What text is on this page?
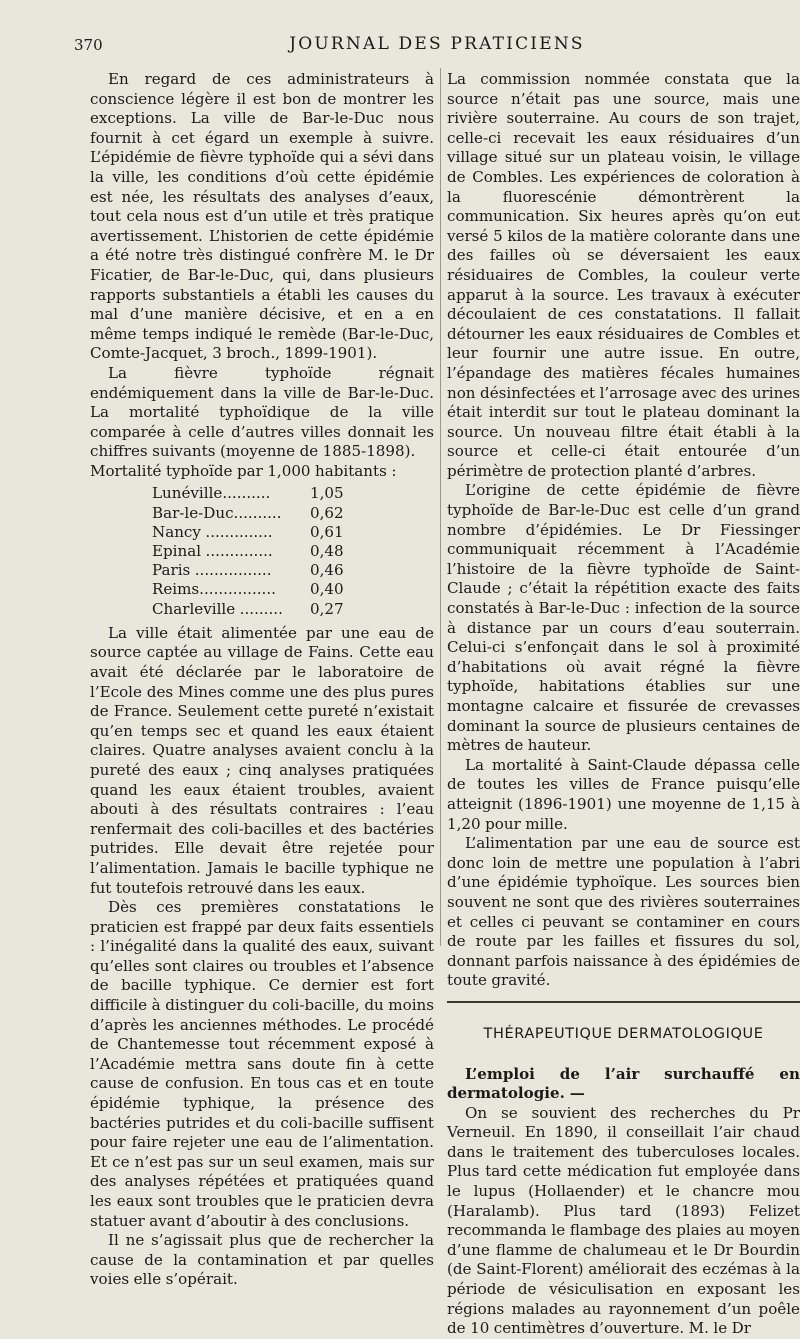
370	JOURNAL DES PRATICIENS

En regard de ces administrateurs à conscience légère il est bon de montrer les exceptions. La ville de Bar-le-Duc nous fournit à cet égard un exemple à suivre. L’épidémie de fièvre typhoïde qui a sévi dans la ville, les conditions d’où cette épidémie est née, les résultats des analyses d’eaux, tout cela nous est d’un utile et très pratique avertissement. L’historien de cette épidémie a été notre très distingué confrère M. le Dr Ficatier, de Bar-le-Duc, qui, dans plusieurs rapports substantiels a établi les causes du mal d’une manière décisive, et en a en même temps indiqué le remède (Bar-le-Duc, Comte-Jacquet, 3 broch., 1899-1901).

La fièvre typhoïde régnait endémiquement dans la ville de Bar-le-Duc. La mortalité typhoïdique de la ville comparée à celle d’autres villes donnait les chiffres suivants (moyenne de 1885-1898).

Mortalité typhoïde par 1,000 habitants :

Lunéville..........	1,05
Bar-le-Duc.......... 0,62
Nancy .............. 0,61
Epinal .............. 0,48
Paris ................	0,46
Reims................ 0,40
Charleville ......... 0,27

La ville était alimentée par une eau de source captée au village de Fains. Cette eau avait été déclarée par le laboratoire de l’Ecole des Mines comme une des plus pures de France. Seulement cette pureté n’existait qu’en temps sec et quand les eaux étaient claires. Quatre analyses avaient conclu à la pureté des eaux ; cinq analyses pratiquées quand les eaux étaient troubles, avaient abouti à des résultats contraires : l’eau renfermait des coli-bacilles et des bactéries putrides. Elle devait être rejetée pour l’alimentation. Jamais le bacille typhique ne fut toutefois retrouvé dans les eaux.

Dès ces premières constatations le praticien est frappé par deux faits essentiels : l’inégalité dans la qualité des eaux, suivant qu’elles sont claires ou troubles et l’absence de bacille typhique. Ce dernier est fort difficile à distinguer du coli-bacille, du moins d’après les anciennes méthodes. Le procédé de Chantemesse tout récemment exposé à l’Académie mettra sans doute fin à cette cause de confusion. En tous cas et en toute épidémie typhique, la présence des bactéries putrides et du coli-bacille suffisent pour faire rejeter une eau de l’alimentation. Et ce n’est pas sur un seul examen, mais sur des analyses répétées et pratiquées quand les eaux sont troubles que le praticien devra statuer avant d’aboutir à des conclusions.

Il ne s’agissait plus que de rechercher la cause de la contamination et par quelles voies elle s’opérait.

La commission nommée constata que la source n’était pas une source, mais une rivière souterraine. Au cours de son trajet, celle-ci recevait les eaux résiduaires d’un village situé sur un plateau voisin, le village de Combles. Les expériences de coloration à la fluorescénie démontrèrent la communication. Six heures après qu’on eut versé 5 kilos de la matière colorante dans une des failles où se déversaient les eaux résiduaires de Combles, la couleur verte apparut à la source. Les travaux à exécuter découlaient de ces constatations. Il fallait détourner les eaux résiduaires de Combles et leur fournir une autre issue. En outre, l’épandage des matières fécales humaines non désinfectées et l’arrosage avec des urines était interdit sur tout le plateau dominant la source. Un nouveau filtre était établi à la source et celle-ci était entourée d’un périmètre de protection planté d’arbres.

L’origine de cette épidémie de fièvre typhoïde de Bar-le-Duc est celle d’un grand nombre d’épidémies. Le Dr Fiessinger communiquait récemment à l’Académie l’histoire de la fièvre typhoïde de Saint-Claude ; c’était la répétition exacte des faits constatés à Bar-le-Duc : infection de la source à distance par un cours d’eau souterrain. Celui-ci s’enfonçait dans le sol à proximité d’habitations où avait régné la fièvre typhoïde, habitations établies sur une montagne calcaire et fissurée de crevasses dominant la source de plusieurs centaines de mètres de hauteur.

La mortalité à Saint-Claude dépassa celle de toutes les villes de France puisqu’elle atteignit (1896-1901) une moyenne de 1,15 à 1,20 pour mille.

L’alimentation par une eau de source est donc loin de mettre une population à l’abri d’une épidémie typhoïque. Les sources bien souvent ne sont que des rivières souterraines et celles ci peuvant se contaminer en cours de route par les failles et fissures du sol, donnant parfois naissance à des épidémies de toute gravité.

THÉRAPEUTIQUE DERMATOLOGIQUE

L’emploi de l’air surchauffé en dermatologie. —

On se souvient des recherches du Pr Verneuil. En 1890, il conseillait l’air chaud dans le traitement des tuberculoses locales. Plus tard cette médication fut employée dans le lupus (Hollaender) et le chancre mou (Haralamb). Plus tard (1893) Felizet recommanda le flambage des plaies au moyen d’une flamme de chalumeau et le Dr Bourdin (de Saint-Florent) améliorait des eczémas à la période de vésiculisation en exposant les régions malades au rayonnement d’un poêle de 10 centimètres d’ouverture. M. le Dr
